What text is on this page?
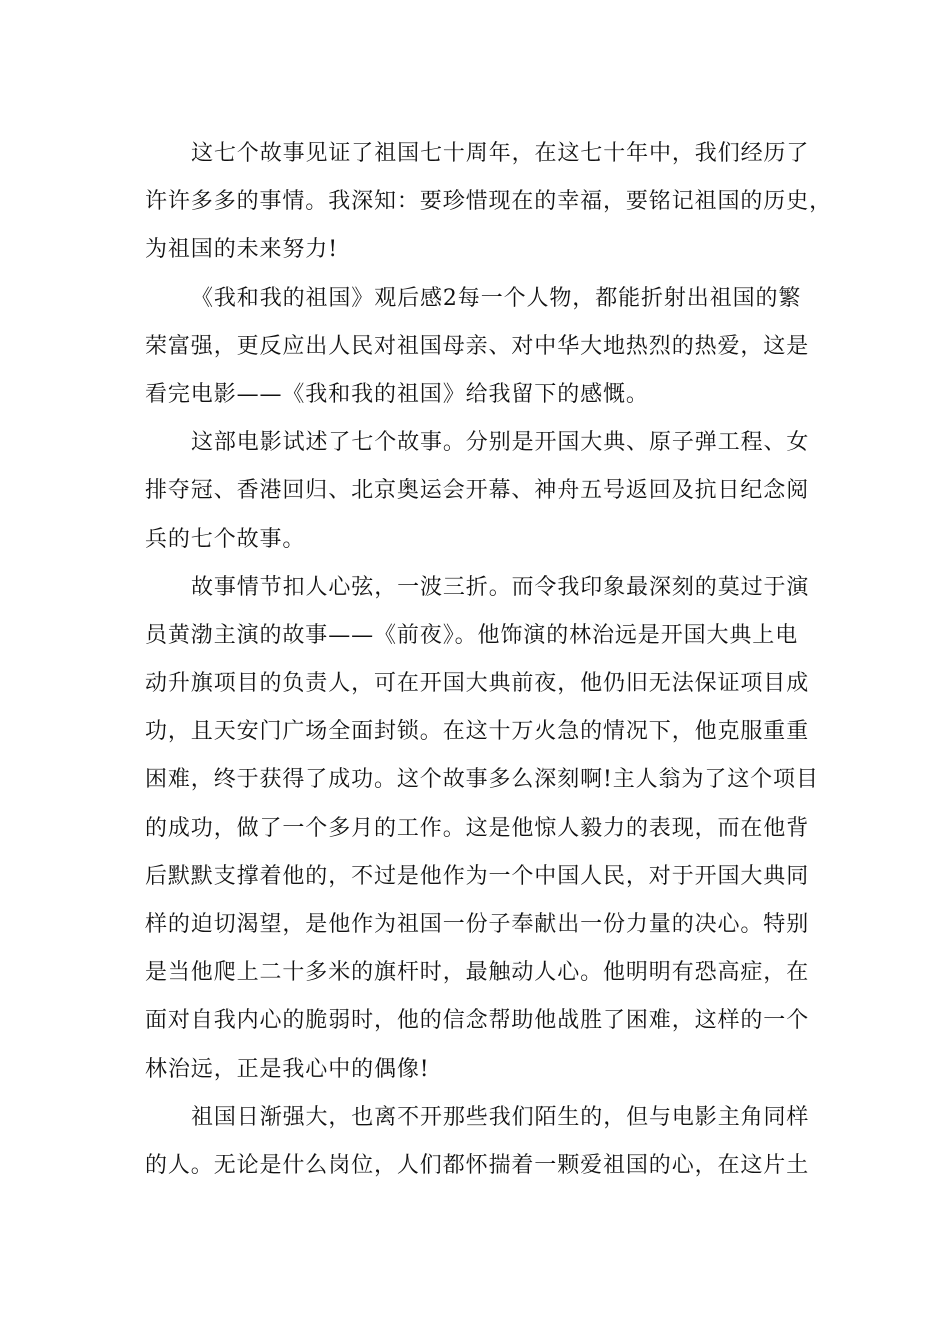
这七个故事见证了祖国七十周年，在这七十年中，我们经历了
许许多多的事情。我深知：要珍惜现在的幸福，要铭记祖国的历史，
为祖国的未来努力!
《我和我的祖国》观后感2每一个人物，都能折射出祖国的繁
荣富强，更反应出人民对祖国母亲、对中华大地热烈的热爱，这是
看完电影——《我和我的祖国》给我留下的感慨。
这部电影试述了七个故事。分别是开国大典、原子弹工程、女
排夺冠、香港回归、北京奥运会开幕、神舟五号返回及抗日纪念阅
兵的七个故事。
故事情节扣人心弦，一波三折。而令我印象最深刻的莫过于演
员黄渤主演的故事——《前夜》。他饰演的林治远是开国大典上电
动升旗项目的负责人，可在开国大典前夜，他仍旧无法保证项目成
功，且天安门广场全面封锁。在这十万火急的情况下，他克服重重
困难，终于获得了成功。这个故事多么深刻啊!主人翁为了这个项目
的成功，做了一个多月的工作。这是他惊人毅力的表现，而在他背
后默默支撑着他的，不过是他作为一个中国人民，对于开国大典同
样的迫切渴望，是他作为祖国一份子奉献出一份力量的决心。特别
是当他爬上二十多米的旗杆时，最触动人心。他明明有恐高症，在
面对自我内心的脆弱时，他的信念帮助他战胜了困难，这样的一个
林治远，正是我心中的偶像!
祖国日渐强大，也离不开那些我们陌生的，但与电影主角同样
的人。无论是什么岗位，人们都怀揣着一颗爱祖国的心，在这片土
